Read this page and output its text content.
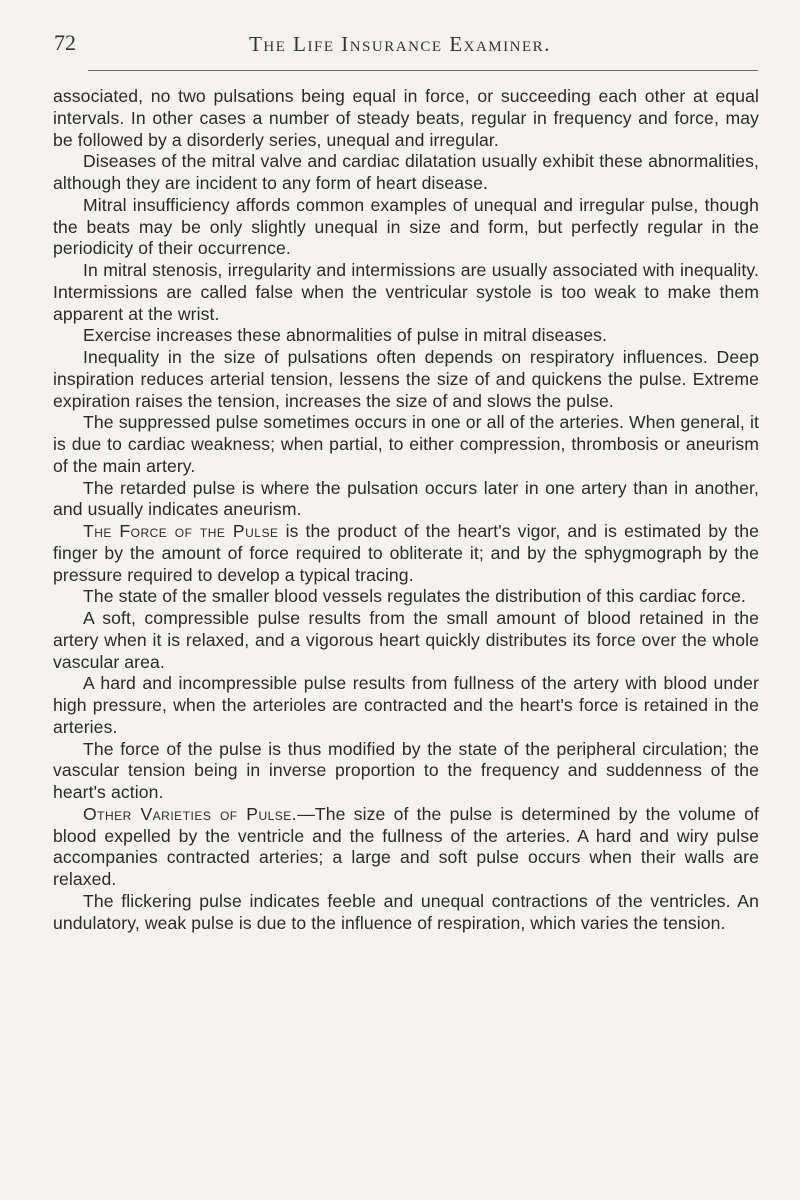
72	The Life Insurance Examiner.

associated, no two pulsations being equal in force, or succeeding each other at equal intervals. In other cases a number of steady beats, regular in frequency and force, may be followed by a disorderly series, unequal and irregular.

Diseases of the mitral valve and cardiac dilatation usually exhibit these abnormalities, although they are incident to any form of heart disease.

Mitral insufficiency affords common examples of unequal and irregular pulse, though the beats may be only slightly unequal in size and form, but perfectly regular in the periodicity of their occurrence.

In mitral stenosis, irregularity and intermissions are usually associated with inequality. Intermissions are called false when the ventricular systole is too weak to make them apparent at the wrist.

Exercise increases these abnormalities of pulse in mitral diseases.

Inequality in the size of pulsations often depends on respiratory influences. Deep inspiration reduces arterial tension, lessens the size of and quickens the pulse. Extreme expiration raises the tension, increases the size of and slows the pulse.

The suppressed pulse sometimes occurs in one or all of the arteries. When general, it is due to cardiac weakness; when partial, to either compression, thrombosis or aneurism of the main artery.

The retarded pulse is where the pulsation occurs later in one artery than in another, and usually indicates aneurism.

The Force of the Pulse is the product of the heart's vigor, and is estimated by the finger by the amount of force required to obliterate it; and by the sphygmograph by the pressure required to develop a typical tracing.

The state of the smaller blood vessels regulates the distribution of this cardiac force.

A soft, compressible pulse results from the small amount of blood retained in the artery when it is relaxed, and a vigorous heart quickly distributes its force over the whole vascular area.

A hard and incompressible pulse results from fullness of the artery with blood under high pressure, when the arterioles are contracted and the heart's force is retained in the arteries.

The force of the pulse is thus modified by the state of the peripheral circulation; the vascular tension being in inverse proportion to the frequency and suddenness of the heart's action.

Other Varieties of Pulse.—The size of the pulse is determined by the volume of blood expelled by the ventricle and the fullness of the arteries. A hard and wiry pulse accompanies contracted arteries; a large and soft pulse occurs when their walls are relaxed.

The flickering pulse indicates feeble and unequal contractions of the ventricles. An undulatory, weak pulse is due to the influence of respiration, which varies the tension.
